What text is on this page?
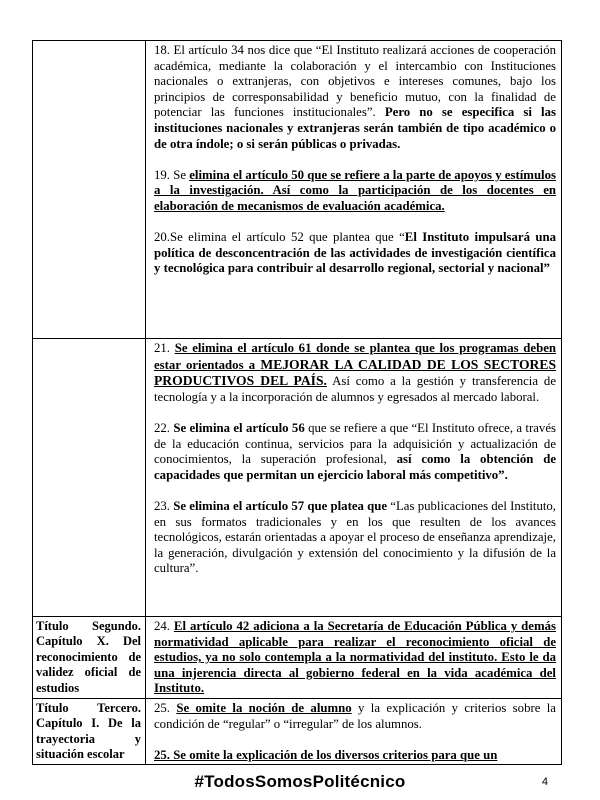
	18. El artículo 34 nos dice que “El Instituto realizará acciones de cooperación académica, mediante la colaboración y el intercambio con Instituciones nacionales o extranjeras, con objetivos e intereses comunes, bajo los principios de corresponsabilidad y beneficio mutuo, con la finalidad de potenciar las funciones institucionales”. Pero no se especifica si las instituciones nacionales y extranjeras serán también de tipo académico o de otra índole; o si serán públicas o privadas.

19. Se elimina el artículo 50 que se refiere a la parte de apoyos y estímulos a la investigación. Así como la participación de los docentes en elaboración de mecanismos de evaluación académica.

20.Se elimina el artículo 52 que plantea que “El Instituto impulsará una política de desconcentración de las actividades de investigación científica y tecnológica para contribuir al desarrollo regional, sectorial y nacional”

	21. Se elimina el artículo 61 donde se plantea que los programas deben estar orientados a MEJORAR LA CALIDAD DE LOS SECTORES PRODUCTIVOS DEL PAÍS. Así como a la gestión y transferencia de tecnología y a la incorporación de alumnos y egresados al mercado laboral.

22. Se elimina el artículo 56 que se refiere a que “El Instituto ofrece, a través de la educación continua, servicios para la adquisición y actualización de conocimientos, la superación profesional, así como la obtención de capacidades que permitan un ejercicio laboral más competitivo”.

23. Se elimina el artículo 57 que platea que “Las publicaciones del Instituto, en sus formatos tradicionales y en los que resulten de los avances tecnológicos, estarán orientadas a apoyar el proceso de enseñanza aprendizaje, la generación, divulgación y extensión del conocimiento y la difusión de la cultura”.

Título Segundo. Capítulo X. Del reconocimiento de validez oficial de estudios	24. El artículo 42 adiciona a la Secretaría de Educación Pública y demás normatividad aplicable para realizar el reconocimiento oficial de estudios, ya no solo contempla a la normatividad del instituto. Esto le da una injerencia directa al gobierno federal en la vida académica del Instituto.

Título Tercero. Capítulo I. De la trayectoria y situación escolar	25. Se omite la noción de alumno y la explicación y criterios sobre la condición de “regular” o “irregular” de los alumnos.

25. Se omite la explicación de los diversos criterios para que un

#TodosSomosPolitécnico	4
